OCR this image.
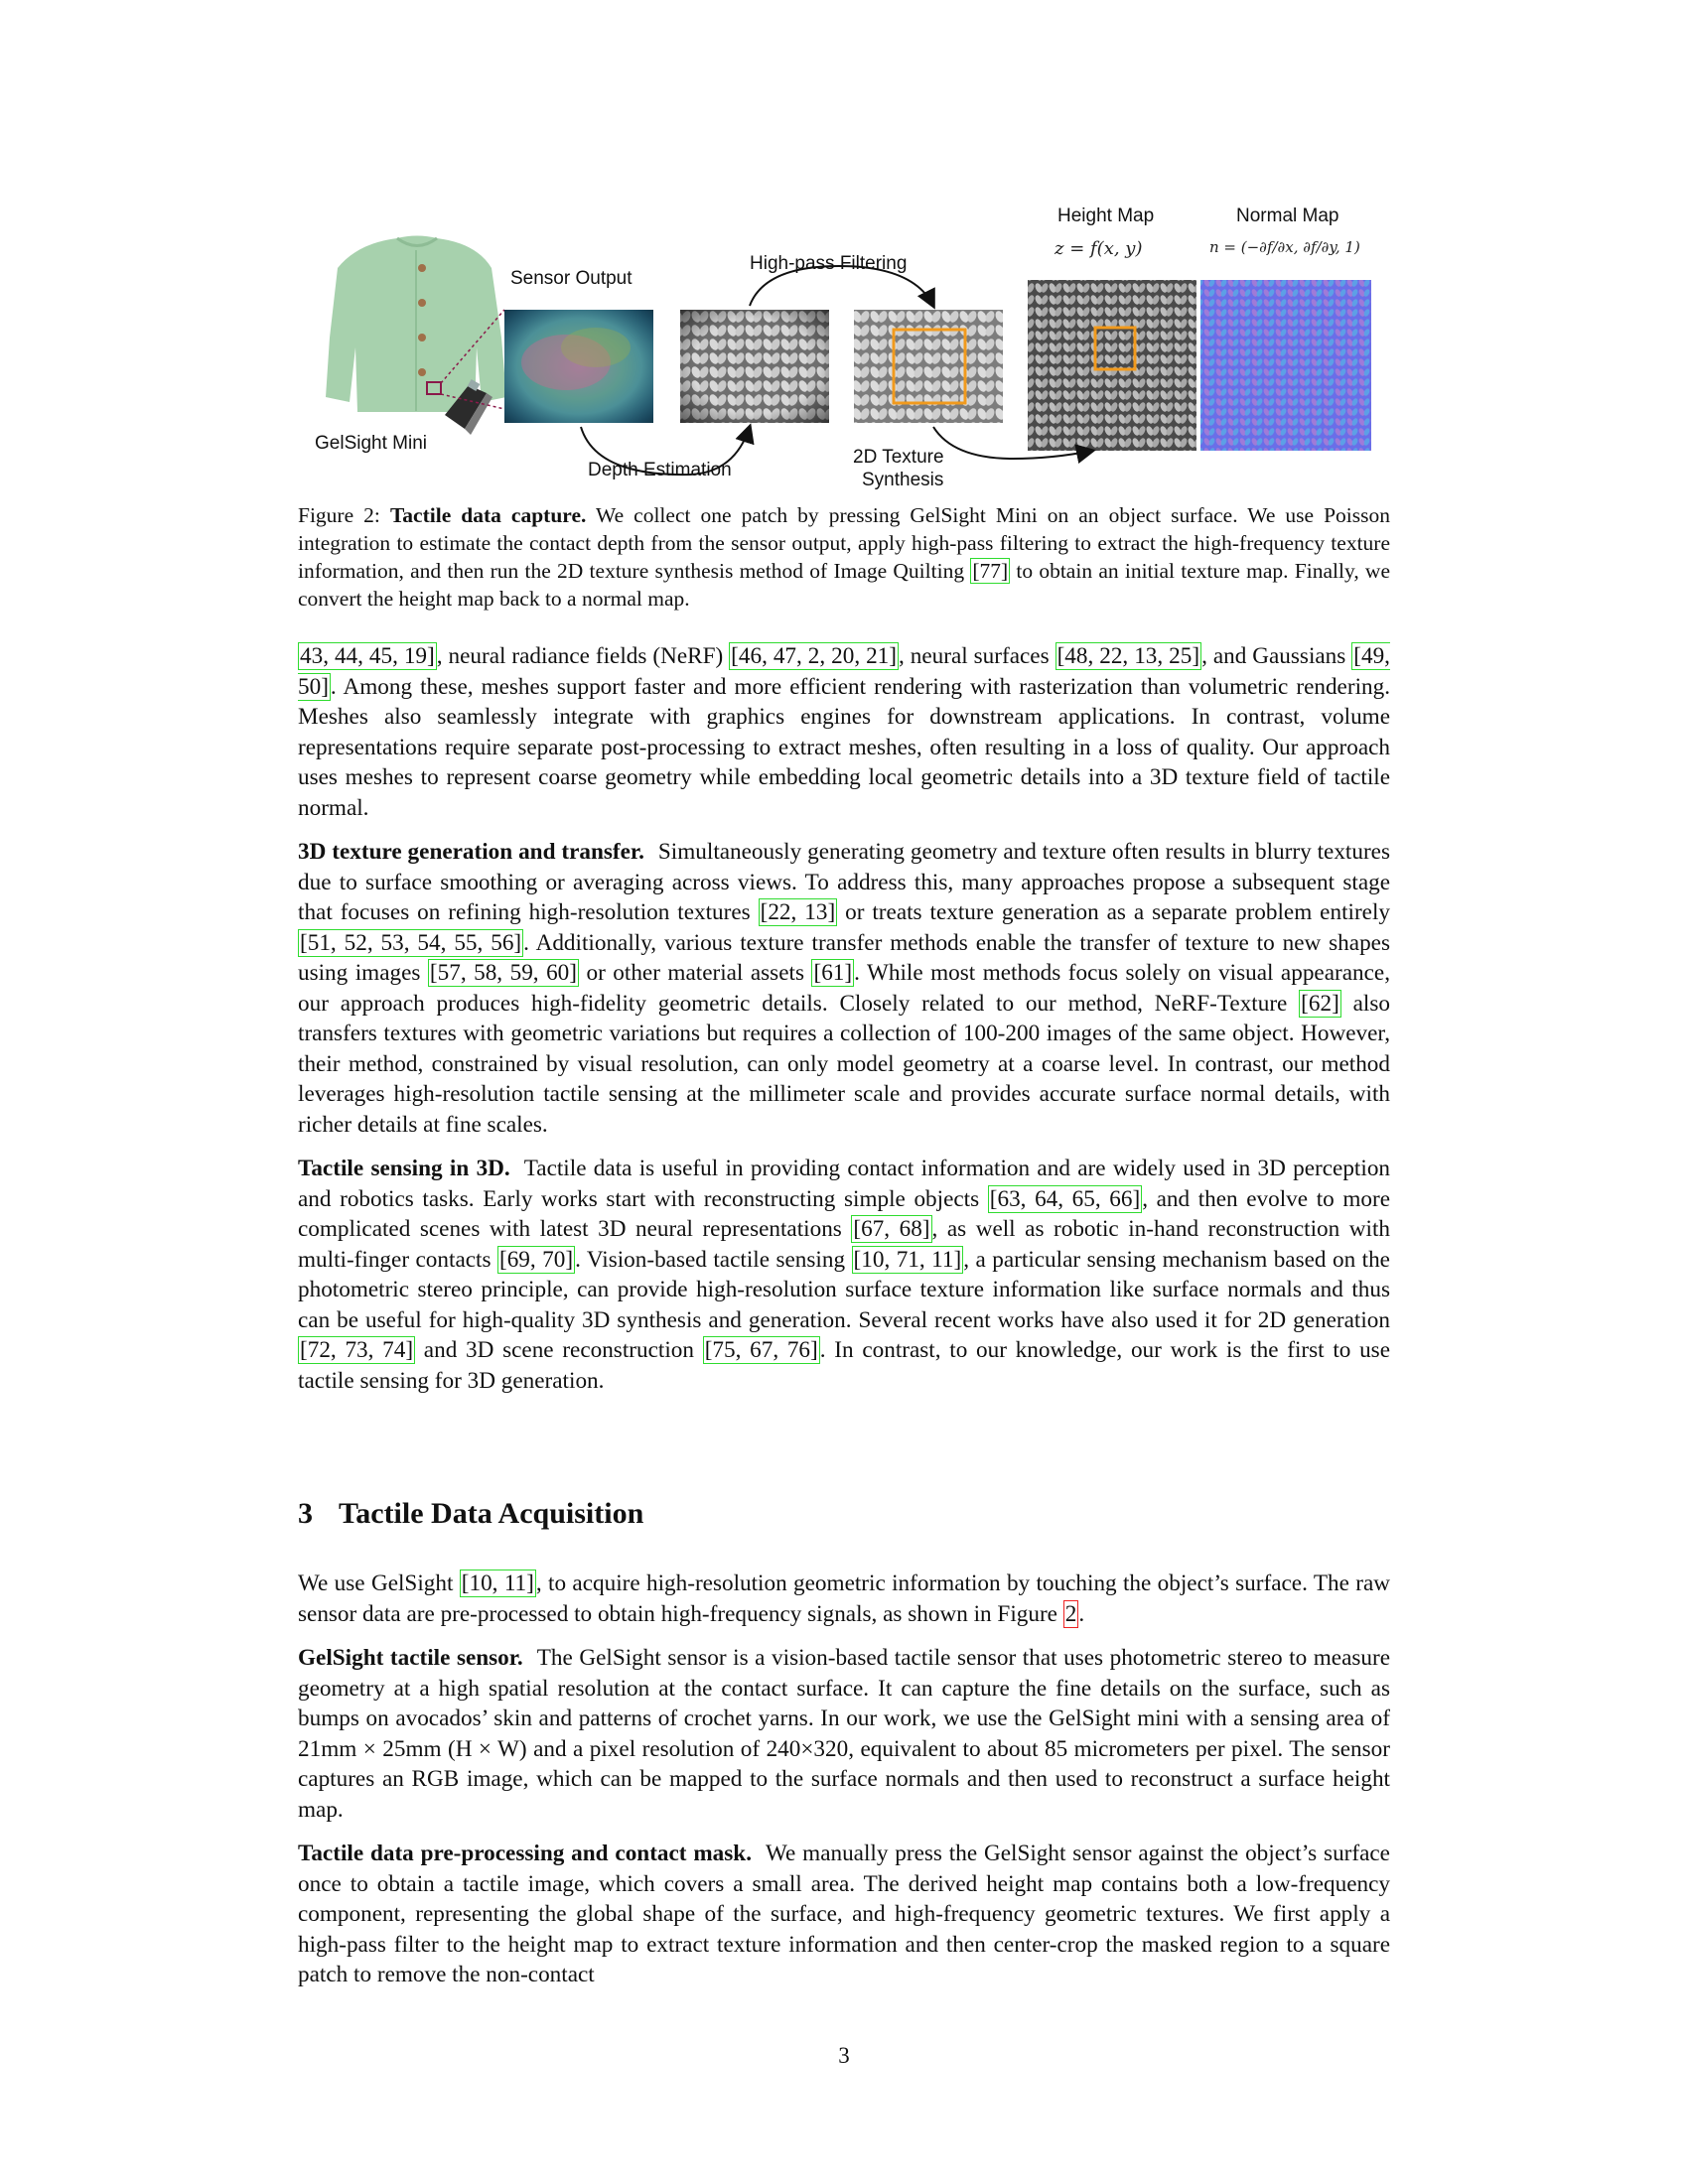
Sensor Output
High-pass Filtering
Height Map
z = f(x, y)
Normal Map
n = (−∂f/∂x, ∂f/∂y, 1)
GelSight Mini
Depth Estimation
2D Texture
Synthesis
Figure 2: Tactile data capture. We collect one patch by pressing GelSight Mini on an object surface. We use Poisson integration to estimate the contact depth from the sensor output, apply high-pass filtering to extract the high-frequency texture information, and then run the 2D texture synthesis method of Image Quilting [77] to obtain an initial texture map. Finally, we convert the height map back to a normal map.

43, 44, 45, 19], neural radiance fields (NeRF) [46, 47, 2, 20, 21], neural surfaces [48, 22, 13, 25], and Gaussians [49, 50]. Among these, meshes support faster and more efficient rendering with rasterization than volumetric rendering. Meshes also seamlessly integrate with graphics engines for downstream applications. In contrast, volume representations require separate post-processing to extract meshes, often resulting in a loss of quality. Our approach uses meshes to represent coarse geometry while embedding local geometric details into a 3D texture field of tactile normal.

3D texture generation and transfer. Simultaneously generating geometry and texture often results in blurry textures due to surface smoothing or averaging across views. To address this, many approaches propose a subsequent stage that focuses on refining high-resolution textures [22, 13] or treats texture generation as a separate problem entirely [51, 52, 53, 54, 55, 56]. Additionally, various texture transfer methods enable the transfer of texture to new shapes using images [57, 58, 59, 60] or other material assets [61]. While most methods focus solely on visual appearance, our approach produces high-fidelity geometric details. Closely related to our method, NeRF-Texture [62] also transfers textures with geometric variations but requires a collection of 100-200 images of the same object. However, their method, constrained by visual resolution, can only model geometry at a coarse level. In contrast, our method leverages high-resolution tactile sensing at the millimeter scale and provides accurate surface normal details, with richer details at fine scales.

Tactile sensing in 3D. Tactile data is useful in providing contact information and are widely used in 3D perception and robotics tasks. Early works start with reconstructing simple objects [63, 64, 65, 66], and then evolve to more complicated scenes with latest 3D neural representations [67, 68], as well as robotic in-hand reconstruction with multi-finger contacts [69, 70]. Vision-based tactile sensing [10, 71, 11], a particular sensing mechanism based on the photometric stereo principle, can provide high-resolution surface texture information like surface normals and thus can be useful for high-quality 3D synthesis and generation. Several recent works have also used it for 2D generation [72, 73, 74] and 3D scene reconstruction [75, 67, 76]. In contrast, to our knowledge, our work is the first to use tactile sensing for 3D generation.

3 Tactile Data Acquisition

We use GelSight [10, 11], to acquire high-resolution geometric information by touching the object’s surface. The raw sensor data are pre-processed to obtain high-frequency signals, as shown in Figure 2.

GelSight tactile sensor. The GelSight sensor is a vision-based tactile sensor that uses photometric stereo to measure geometry at a high spatial resolution at the contact surface. It can capture the fine details on the surface, such as bumps on avocados’ skin and patterns of crochet yarns. In our work, we use the GelSight mini with a sensing area of 21mm × 25mm (H × W) and a pixel resolution of 240×320, equivalent to about 85 micrometers per pixel. The sensor captures an RGB image, which can be mapped to the surface normals and then used to reconstruct a surface height map.

Tactile data pre-processing and contact mask. We manually press the GelSight sensor against the object’s surface once to obtain a tactile image, which covers a small area. The derived height map contains both a low-frequency component, representing the global shape of the surface, and high-frequency geometric textures. We first apply a high-pass filter to the height map to extract texture information and then center-crop the masked region to a square patch to remove the non-contact

3
